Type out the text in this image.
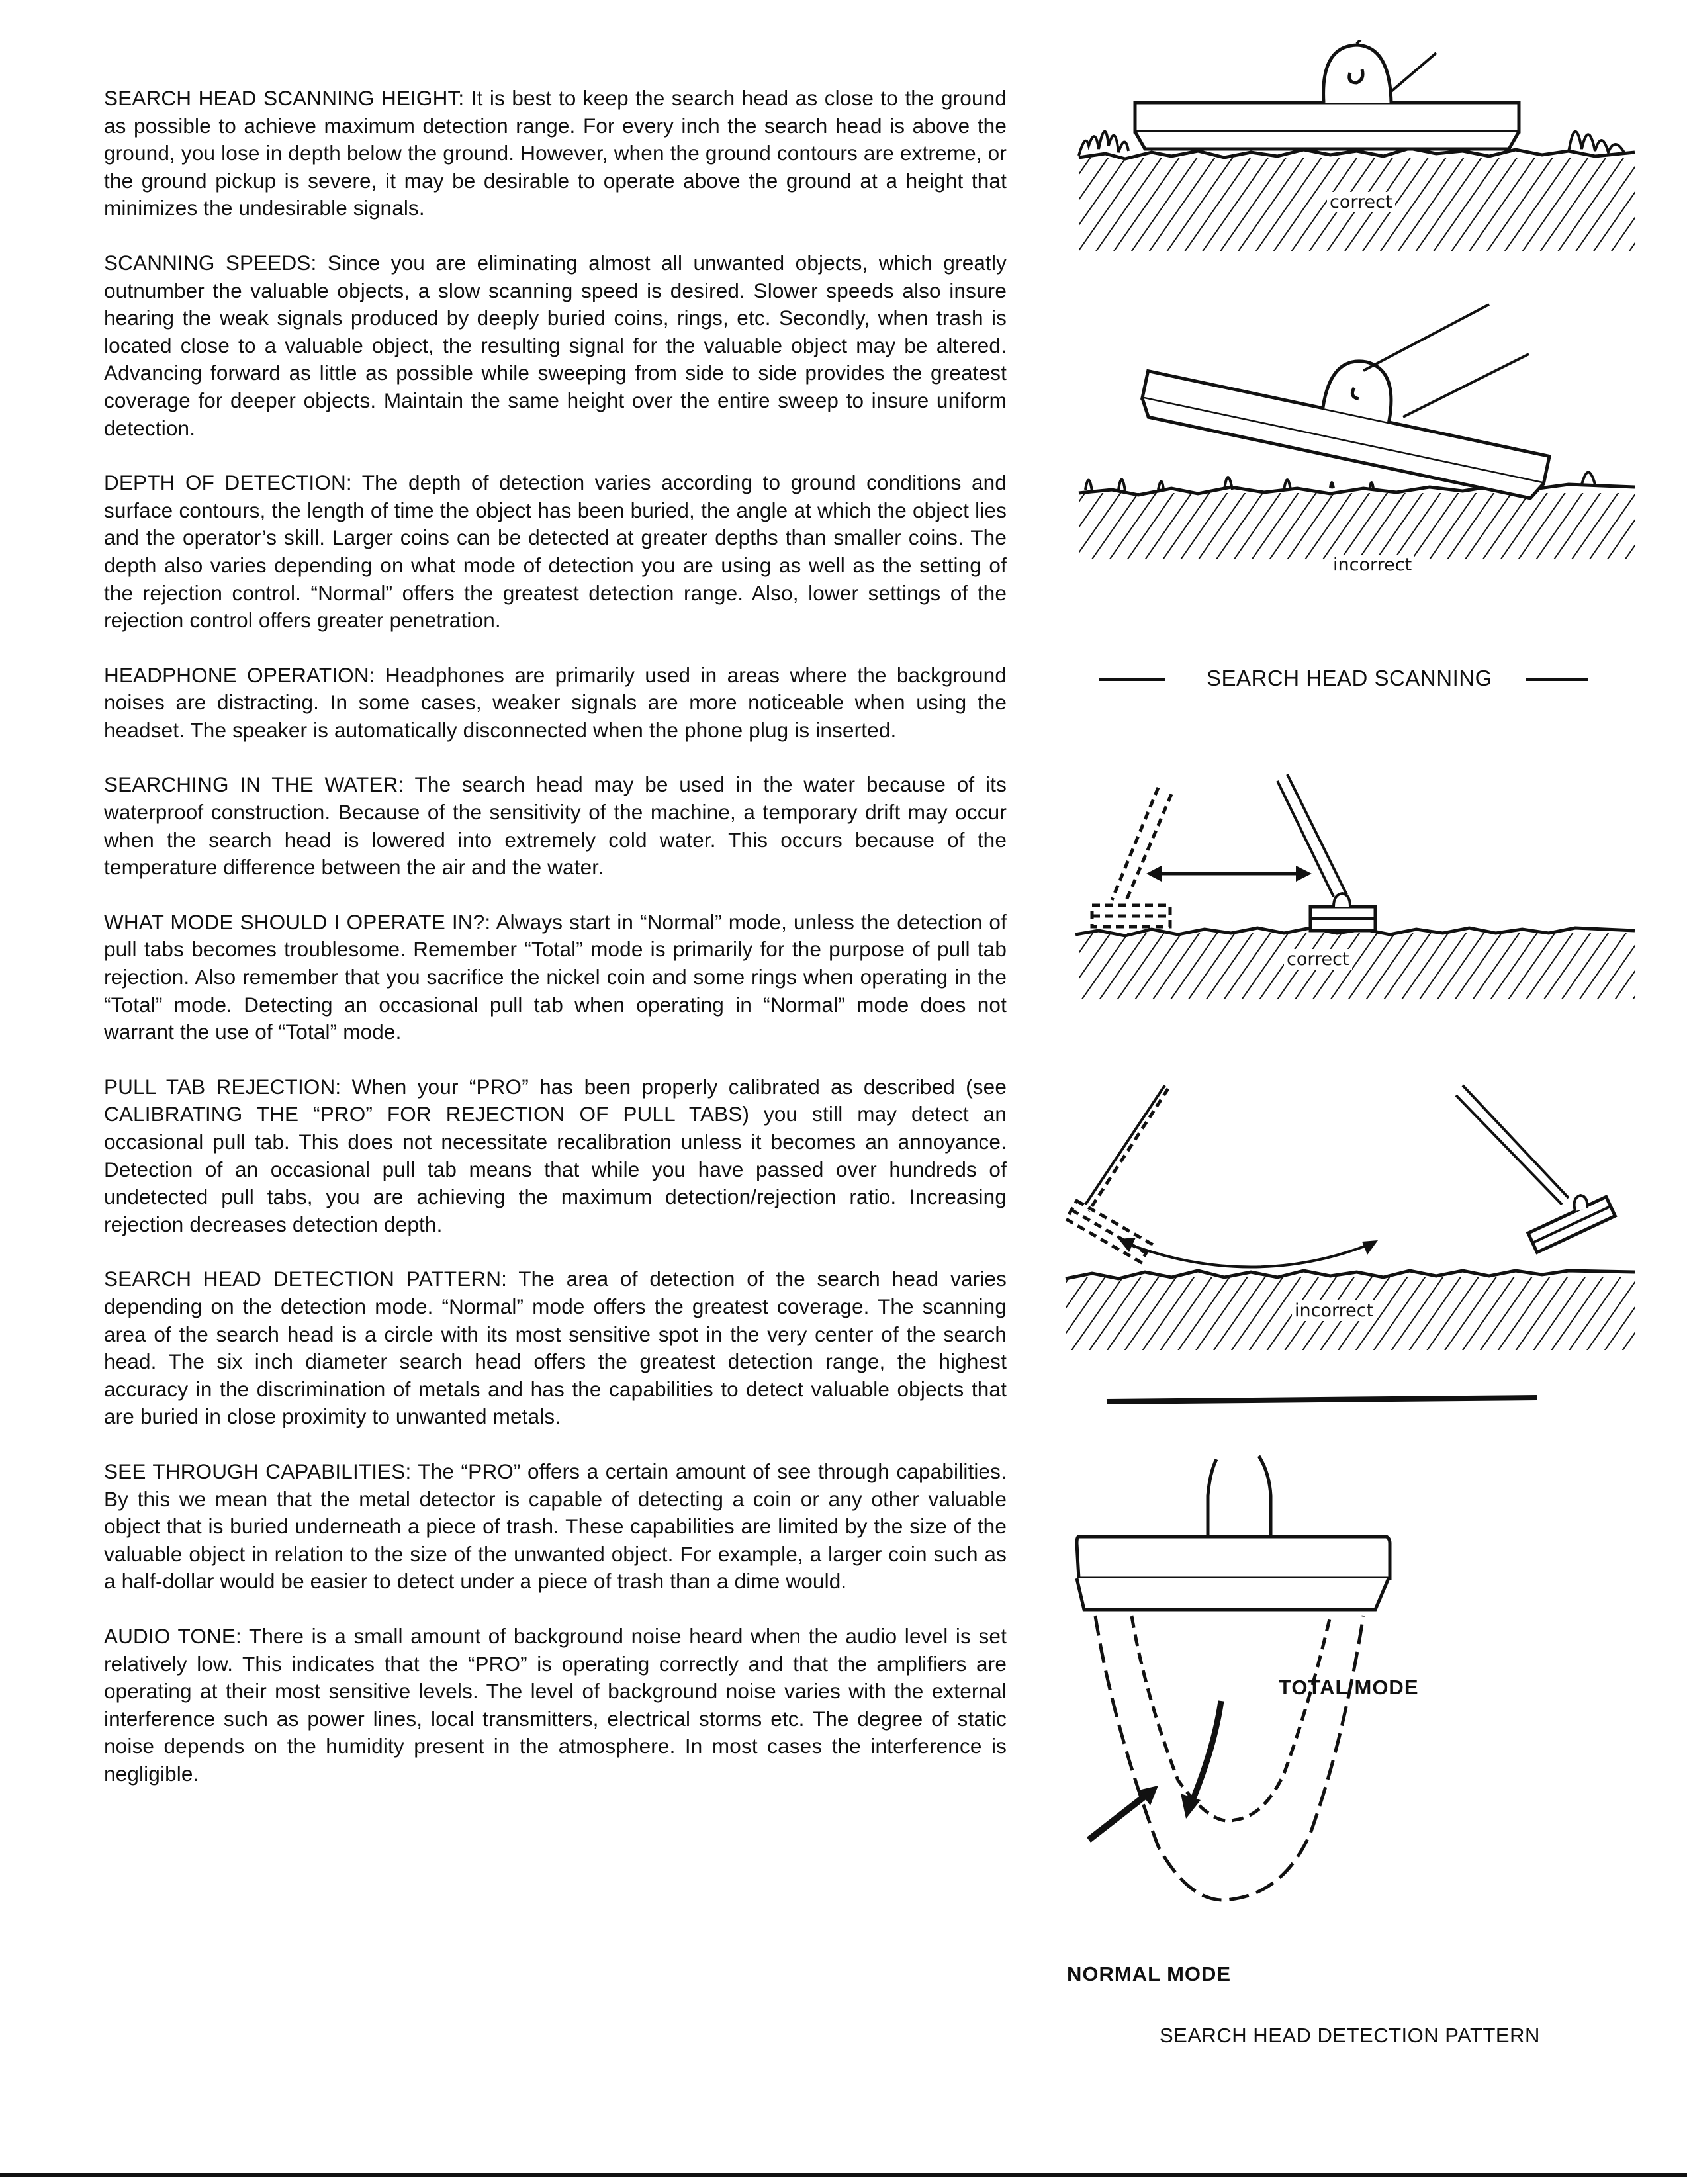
SEARCH HEAD SCANNING HEIGHT: It is best to keep the search head as close to the ground as possible to achieve maximum detection range. For every inch the search head is above the ground, you lose in depth below the ground. However, when the ground contours are extreme, or the ground pickup is severe, it may be desirable to operate above the ground at a height that minimizes the undesirable signals.

SCANNING SPEEDS: Since you are eliminating almost all unwanted objects, which greatly outnumber the valuable objects, a slow scanning speed is desired. Slower speeds also insure hearing the weak signals produced by deeply buried coins, rings, etc. Secondly, when trash is located close to a valuable object, the resulting signal for the valuable object may be altered. Advancing forward as little as possible while sweeping from side to side provides the greatest coverage for deeper objects. Maintain the same height over the entire sweep to insure uniform detection.

DEPTH OF DETECTION: The depth of detection varies according to ground conditions and surface contours, the length of time the object has been buried, the angle at which the object lies and the operator’s skill. Larger coins can be detected at greater depths than smaller coins. The depth also varies depending on what mode of detection you are using as well as the setting of the rejection control. “Normal” offers the greatest detection range. Also, lower settings of the rejection control offers greater penetration.

HEADPHONE OPERATION: Headphones are primarily used in areas where the background noises are distracting. In some cases, weaker signals are more noticeable when using the headset. The speaker is automatically disconnected when the phone plug is inserted.

SEARCHING IN THE WATER: The search head may be used in the water because of its waterproof construction. Because of the sensitivity of the machine, a temporary drift may occur when the search head is lowered into extremely cold water. This occurs because of the temperature difference between the air and the water.

WHAT MODE SHOULD I OPERATE IN?: Always start in “Normal” mode, unless the detection of pull tabs becomes troublesome. Remember “Total” mode is primarily for the purpose of pull tab rejection. Also remember that you sacrifice the nickel coin and some rings when operating in the “Total” mode. Detecting an occasional pull tab when operating in “Normal” mode does not warrant the use of “Total” mode.

PULL TAB REJECTION: When your “PRO” has been properly calibrated as described (see CALIBRATING THE “PRO” FOR REJECTION OF PULL TABS) you still may detect an occasional pull tab. This does not necessitate recalibration unless it becomes an annoyance. Detection of an occasional pull tab means that while you have passed over hundreds of undetected pull tabs, you are achieving the maximum detection/rejection ratio. Increasing rejection decreases detection depth.

SEARCH HEAD DETECTION PATTERN: The area of detection of the search head varies depending on the detection mode. “Normal” mode offers the greatest coverage. The scanning area of the search head is a circle with its most sensitive spot in the very center of the search head. The six inch diameter search head offers the greatest detection range, the highest accuracy in the discrimination of metals and has the capabilities to detect valuable objects that are buried in close proximity to unwanted metals.

SEE THROUGH CAPABILITIES: The “PRO” offers a certain amount of see through capabilities. By this we mean that the metal detector is capable of detecting a coin or any other valuable object that is buried underneath a piece of trash. These capabilities are limited by the size of the valuable object in relation to the size of the unwanted object. For example, a larger coin such as a half-dollar would be easier to detect under a piece of trash than a dime would.

AUDIO TONE: There is a small amount of background noise heard when the audio level is set relatively low. This indicates that the “PRO” is operating correctly and that the amplifiers are operating at their most sensitive levels. The level of background noise varies with the external interference such as power lines, local transmitters, electrical storms etc. The degree of static noise depends on the humidity present in the atmosphere. In most cases the interference is negligible.

correct
incorrect
SEARCH HEAD SCANNING
correct
incorrect
TOTAL MODE
NORMAL MODE
SEARCH HEAD DETECTION PATTERN
